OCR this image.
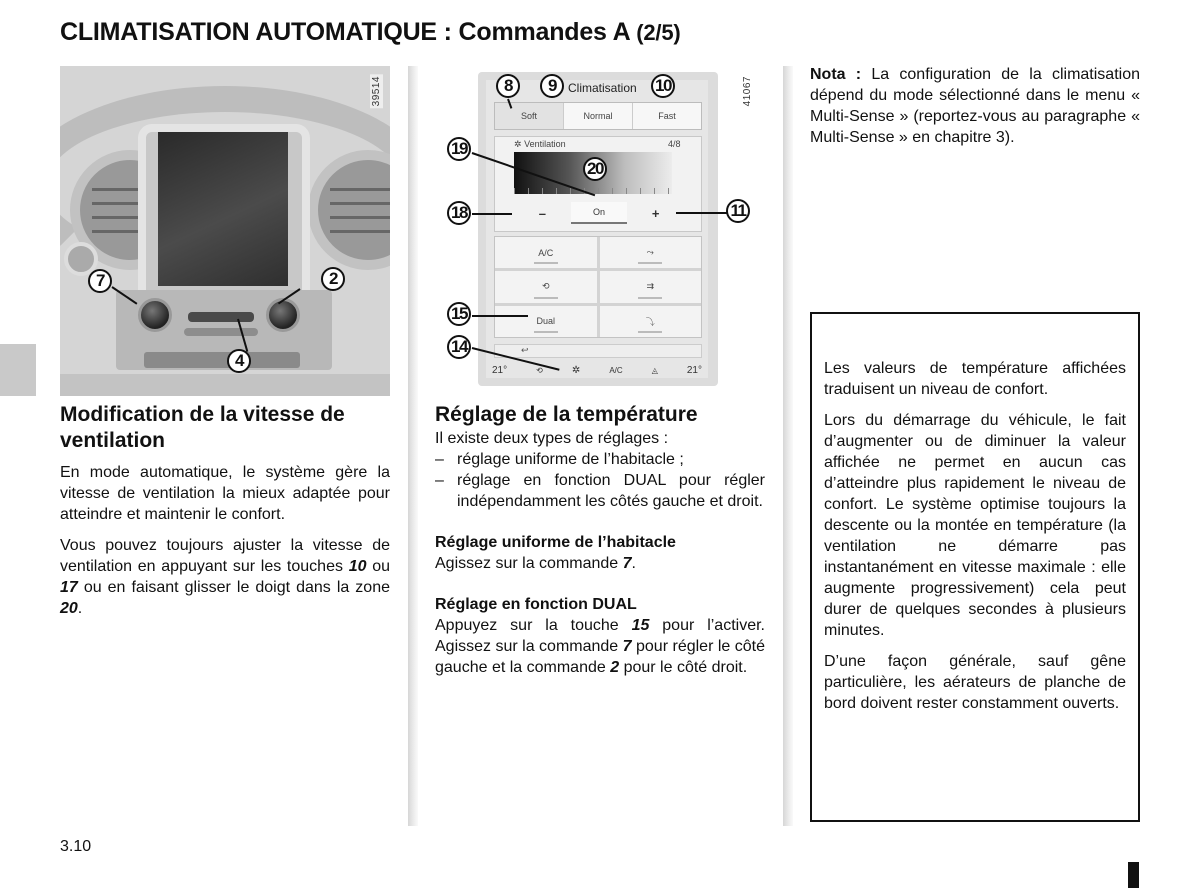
CLIMATISATION AUTOMATIQUE : Commandes A (2/5)
39514
7	2
4
Climatisation
Soft	Normal	Fast
✲ Ventilation	4/8
–	On	+
A/C	⤳
⟲	⇉
Dual	⤵
↩
21°	⟲	✲	A/C	◬	21°
41067
8	9	10
19
20
18	11
15
14
Modification de la vitesse de ventilation

En mode automatique, le système gère la vitesse de ventilation la mieux adaptée pour atteindre et maintenir le confort.

Vous pouvez toujours ajuster la vitesse de ventilation en appuyant sur les touches 10 ou 17 ou en faisant glisser le doigt dans la zone 20.

Réglage de la température
Il existe deux types de réglages :
– réglage uniforme de l’habitacle ;
– réglage en fonction DUAL pour régler indépendamment les côtés gauche et droit.
Réglage uniforme de l’habitacle
Agissez sur la commande 7.
Réglage en fonction DUAL
Appuyez sur la touche 15 pour l’activer. Agissez sur la commande 7 pour régler le côté gauche et la commande 2 pour le côté droit.
Nota : La configuration de la climatisation dépend du mode sélectionné dans le menu « Multi-Sense » (reportez-vous au paragraphe « Multi-Sense » en chapitre 3).

Les valeurs de température affichées traduisent un niveau de confort.

Lors du démarrage du véhicule, le fait d’augmenter ou de diminuer la valeur affichée ne permet en aucun cas d’atteindre plus rapidement le niveau de confort. Le système optimise toujours la descente ou la montée en température (la ventilation ne démarre pas instantanément en vitesse maximale : elle augmente progressivement) cela peut durer de quelques secondes à plusieurs minutes.

D’une façon générale, sauf gêne particulière, les aérateurs de planche de bord doivent rester constamment ouverts.

3.10
